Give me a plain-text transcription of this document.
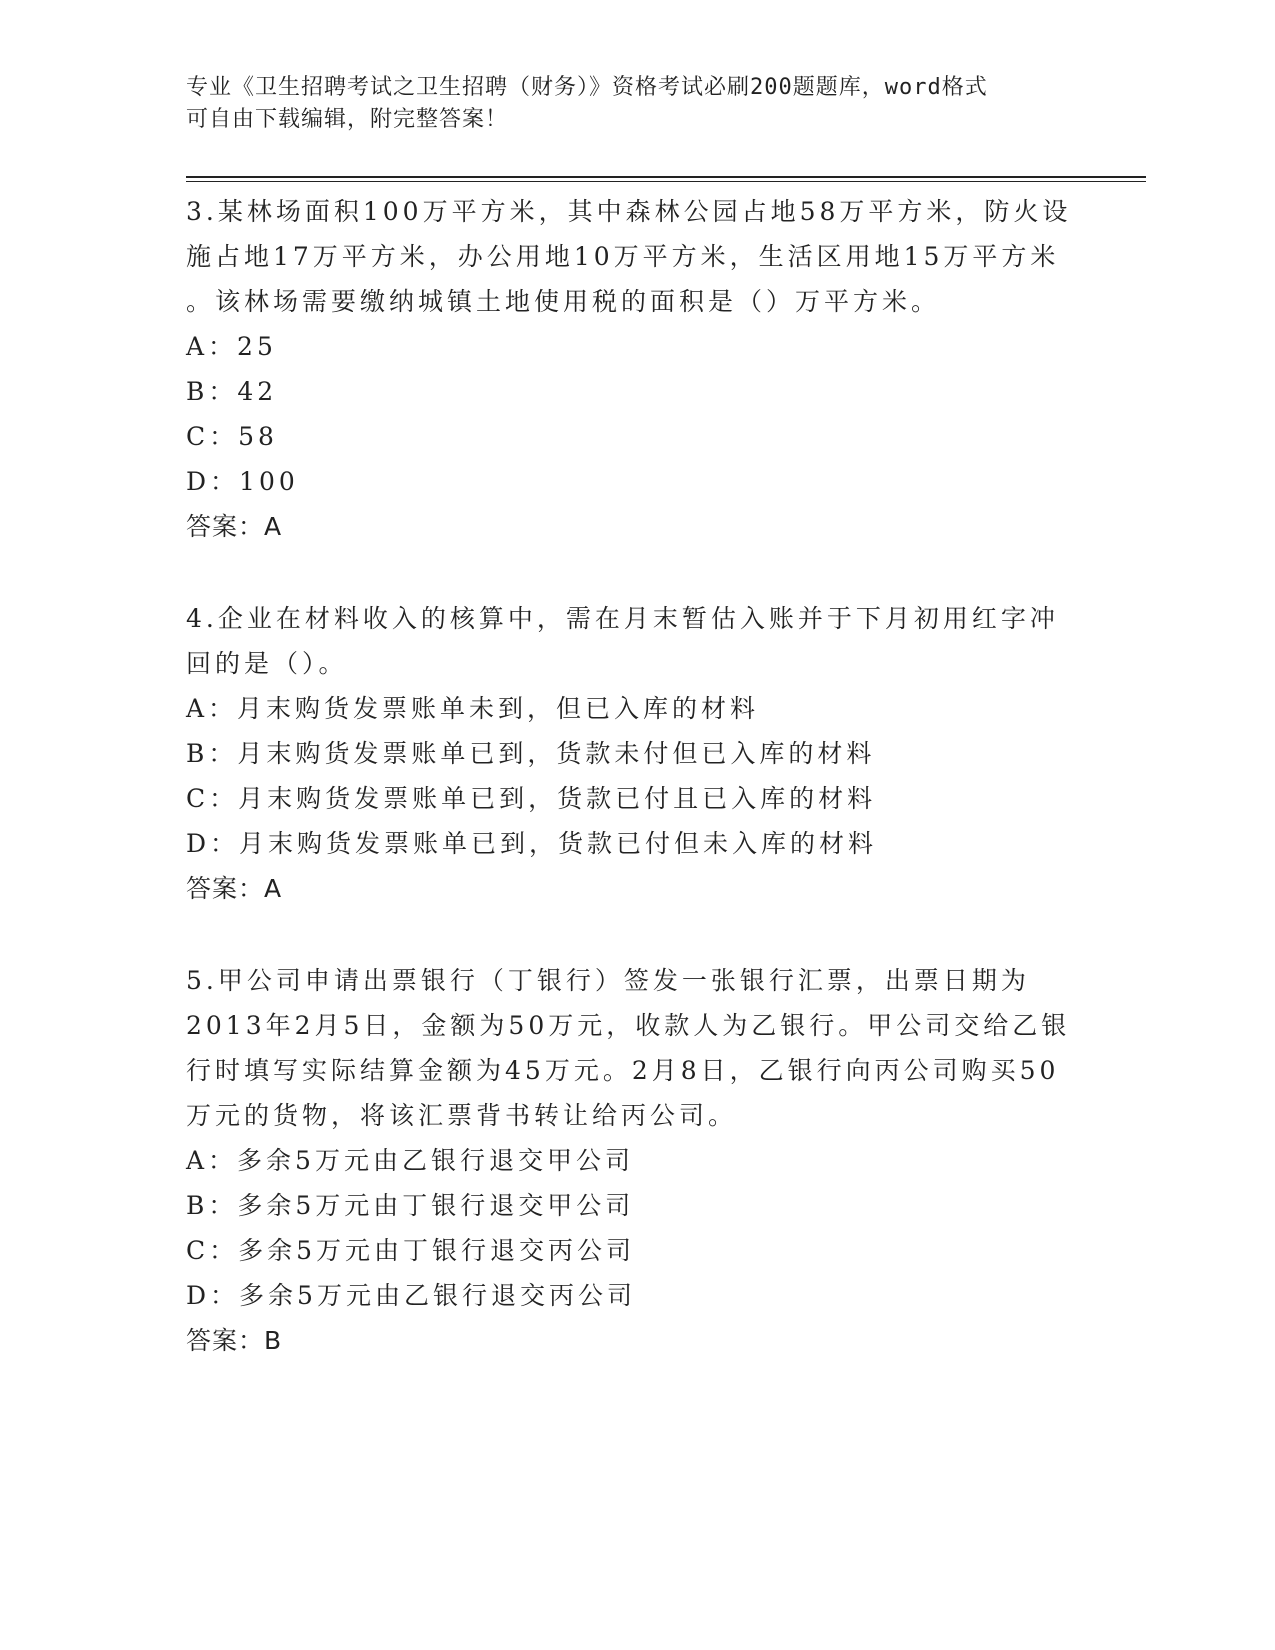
专业《卫生招聘考试之卫生招聘（财务）》资格考试必刷200题题库，word格式
可自由下载编辑，附完整答案！
3.某林场面积100万平方米，其中森林公园占地58万平方米，防火设
施占地17万平方米，办公用地10万平方米，生活区用地15万平方米
。该林场需要缴纳城镇土地使用税的面积是（）万平方米。
A：25
B：42
C：58
D：100
答案：A
4.企业在材料收入的核算中，需在月末暂估入账并于下月初用红字冲
回的是（）。
A：月末购货发票账单未到，但已入库的材料
B：月末购货发票账单已到，货款未付但已入库的材料
C：月末购货发票账单已到，货款已付且已入库的材料
D：月末购货发票账单已到，货款已付但未入库的材料
答案：A
5.甲公司申请出票银行（丁银行）签发一张银行汇票，出票日期为
2013年2月5日，金额为50万元，收款人为乙银行。甲公司交给乙银
行时填写实际结算金额为45万元。2月8日，乙银行向丙公司购买50
万元的货物，将该汇票背书转让给丙公司。
A：多余5万元由乙银行退交甲公司
B：多余5万元由丁银行退交甲公司
C：多余5万元由丁银行退交丙公司
D：多余5万元由乙银行退交丙公司
答案：B
